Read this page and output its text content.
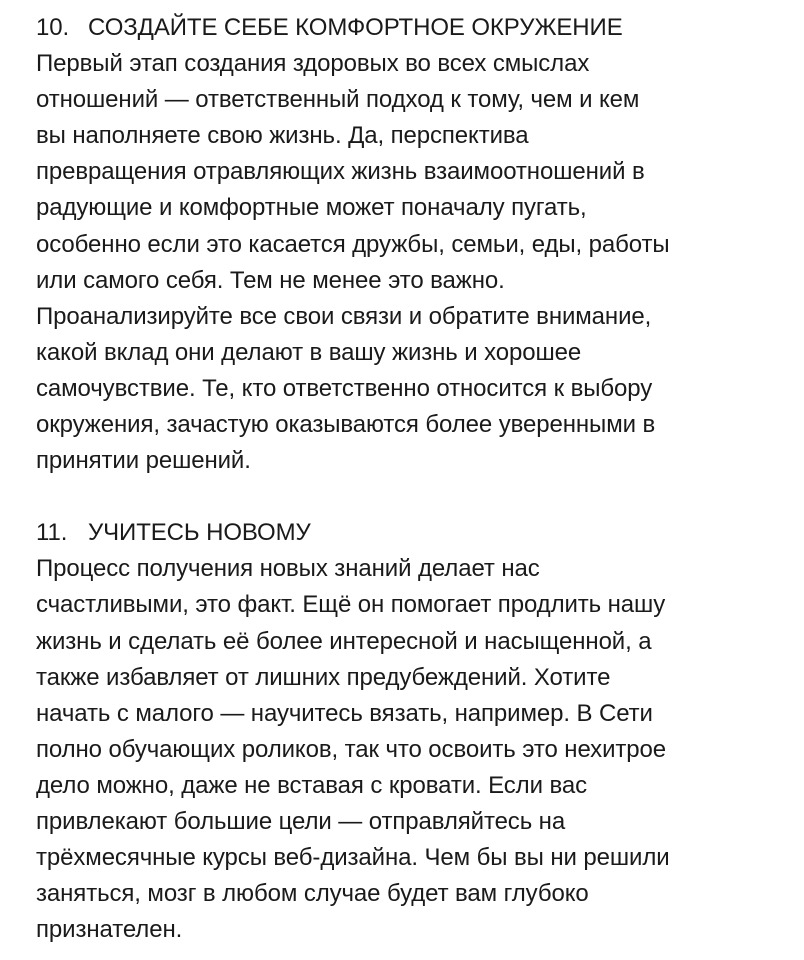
10. СОЗДАЙТЕ СЕБЕ КОМФОРТНОЕ ОКРУЖЕНИЕ
Первый этап создания здоровых во всех смыслах
отношений — ответственный подход к тому, чем и кем
вы наполняете свою жизнь. Да, перспектива
превращения отравляющих жизнь взаимоотношений в
радующие и комфортные может поначалу пугать,
особенно если это касается дружбы, семьи, еды, работы
или самого себя. Тем не менее это важно.
Проанализируйте все свои связи и обратите внимание,
какой вклад они делают в вашу жизнь и хорошее
самочувствие. Те, кто ответственно относится к выбору
окружения, зачастую оказываются более уверенными в
принятии решений.
11. УЧИТЕСЬ НОВОМУ
Процесс получения новых знаний делает нас
счастливыми, это факт. Ещё он помогает продлить нашу
жизнь и сделать её более интересной и насыщенной, а
также избавляет от лишних предубеждений. Хотите
начать с малого — научитесь вязать, например. В Сети
полно обучающих роликов, так что освоить это нехитрое
дело можно, даже не вставая с кровати. Если вас
привлекают большие цели — отправляйтесь на
трёхмесячные курсы веб-дизайна. Чем бы вы ни решили
заняться, мозг в любом случае будет вам глубоко
признателен.
